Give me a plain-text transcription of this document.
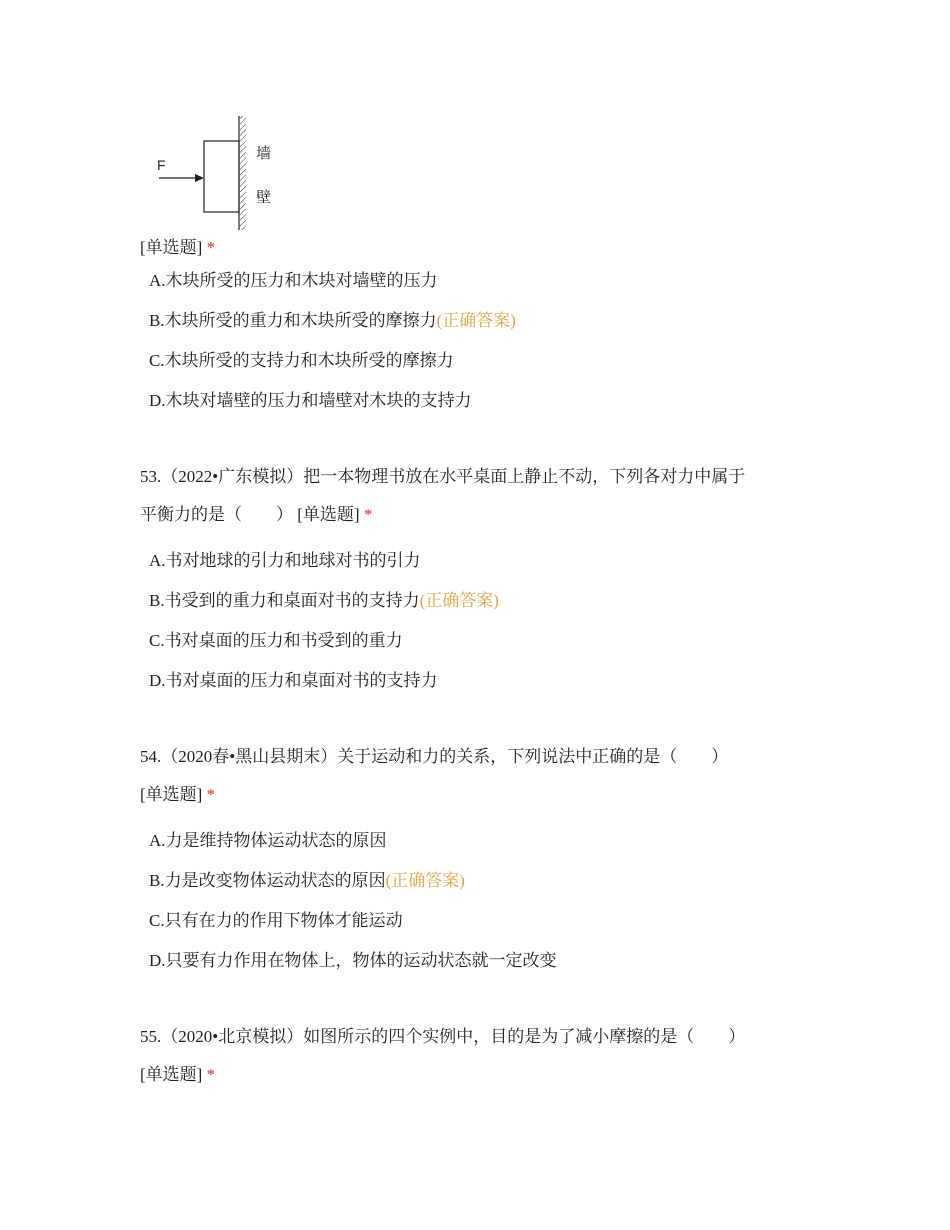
F
墙
壁
[单选题] *
A.木块所受的压力和木块对墙壁的压力
B.木块所受的重力和木块所受的摩擦力(正确答案)
C.木块所受的支持力和木块所受的摩擦力
D.木块对墙壁的压力和墙壁对木块的支持力
53.（2022•广东模拟）把一本物理书放在水平桌面上静止不动，下列各对力中属于
平衡力的是（　　） [单选题] *
A.书对地球的引力和地球对书的引力
B.书受到的重力和桌面对书的支持力(正确答案)
C.书对桌面的压力和书受到的重力
D.书对桌面的压力和桌面对书的支持力
54.（2020春•黑山县期末）关于运动和力的关系，下列说法中正确的是（　　）
[单选题] *
A.力是维持物体运动状态的原因
B.力是改变物体运动状态的原因(正确答案)
C.只有在力的作用下物体才能运动
D.只要有力作用在物体上，物体的运动状态就一定改变
55.（2020•北京模拟）如图所示的四个实例中，目的是为了减小摩擦的是（　　）
[单选题] *
